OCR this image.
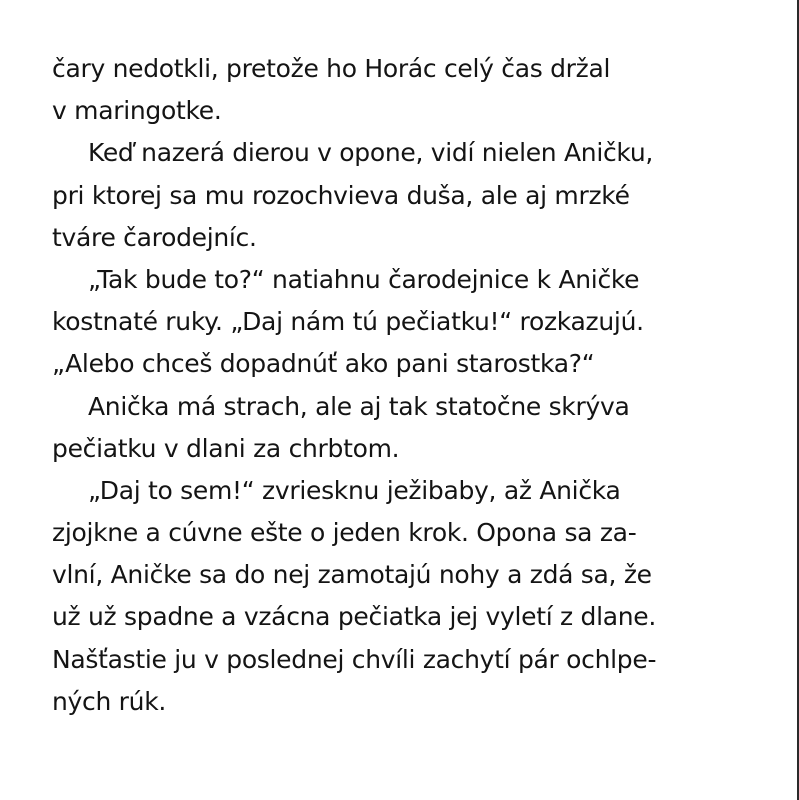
čary nedotkli, pretože ho Horác celý čas držal
v maringotke.
Keď nazerá dierou v opone, vidí nielen Aničku,
pri ktorej sa mu rozochvieva duša, ale aj mrzké
tváre čarodejníc.
„Tak bude to?“ natiahnu čarodejnice k Aničke
kostnaté ruky. „Daj nám tú pečiatku!“ rozkazujú.
„Alebo chceš dopadnúť ako pani starostka?“
Anička má strach, ale aj tak statočne skrýva
pečiatku v dlani za chrbtom.
„Daj to sem!“ zvriesknu ježibaby, až Anička
zjojkne a cúvne ešte o jeden krok. Opona sa za-
vlní, Aničke sa do nej zamotajú nohy a zdá sa, že
už už spadne a vzácna pečiatka jej vyletí z dlane.
Našťastie ju v poslednej chvíli zachytí pár ochlpe-
ných rúk.
